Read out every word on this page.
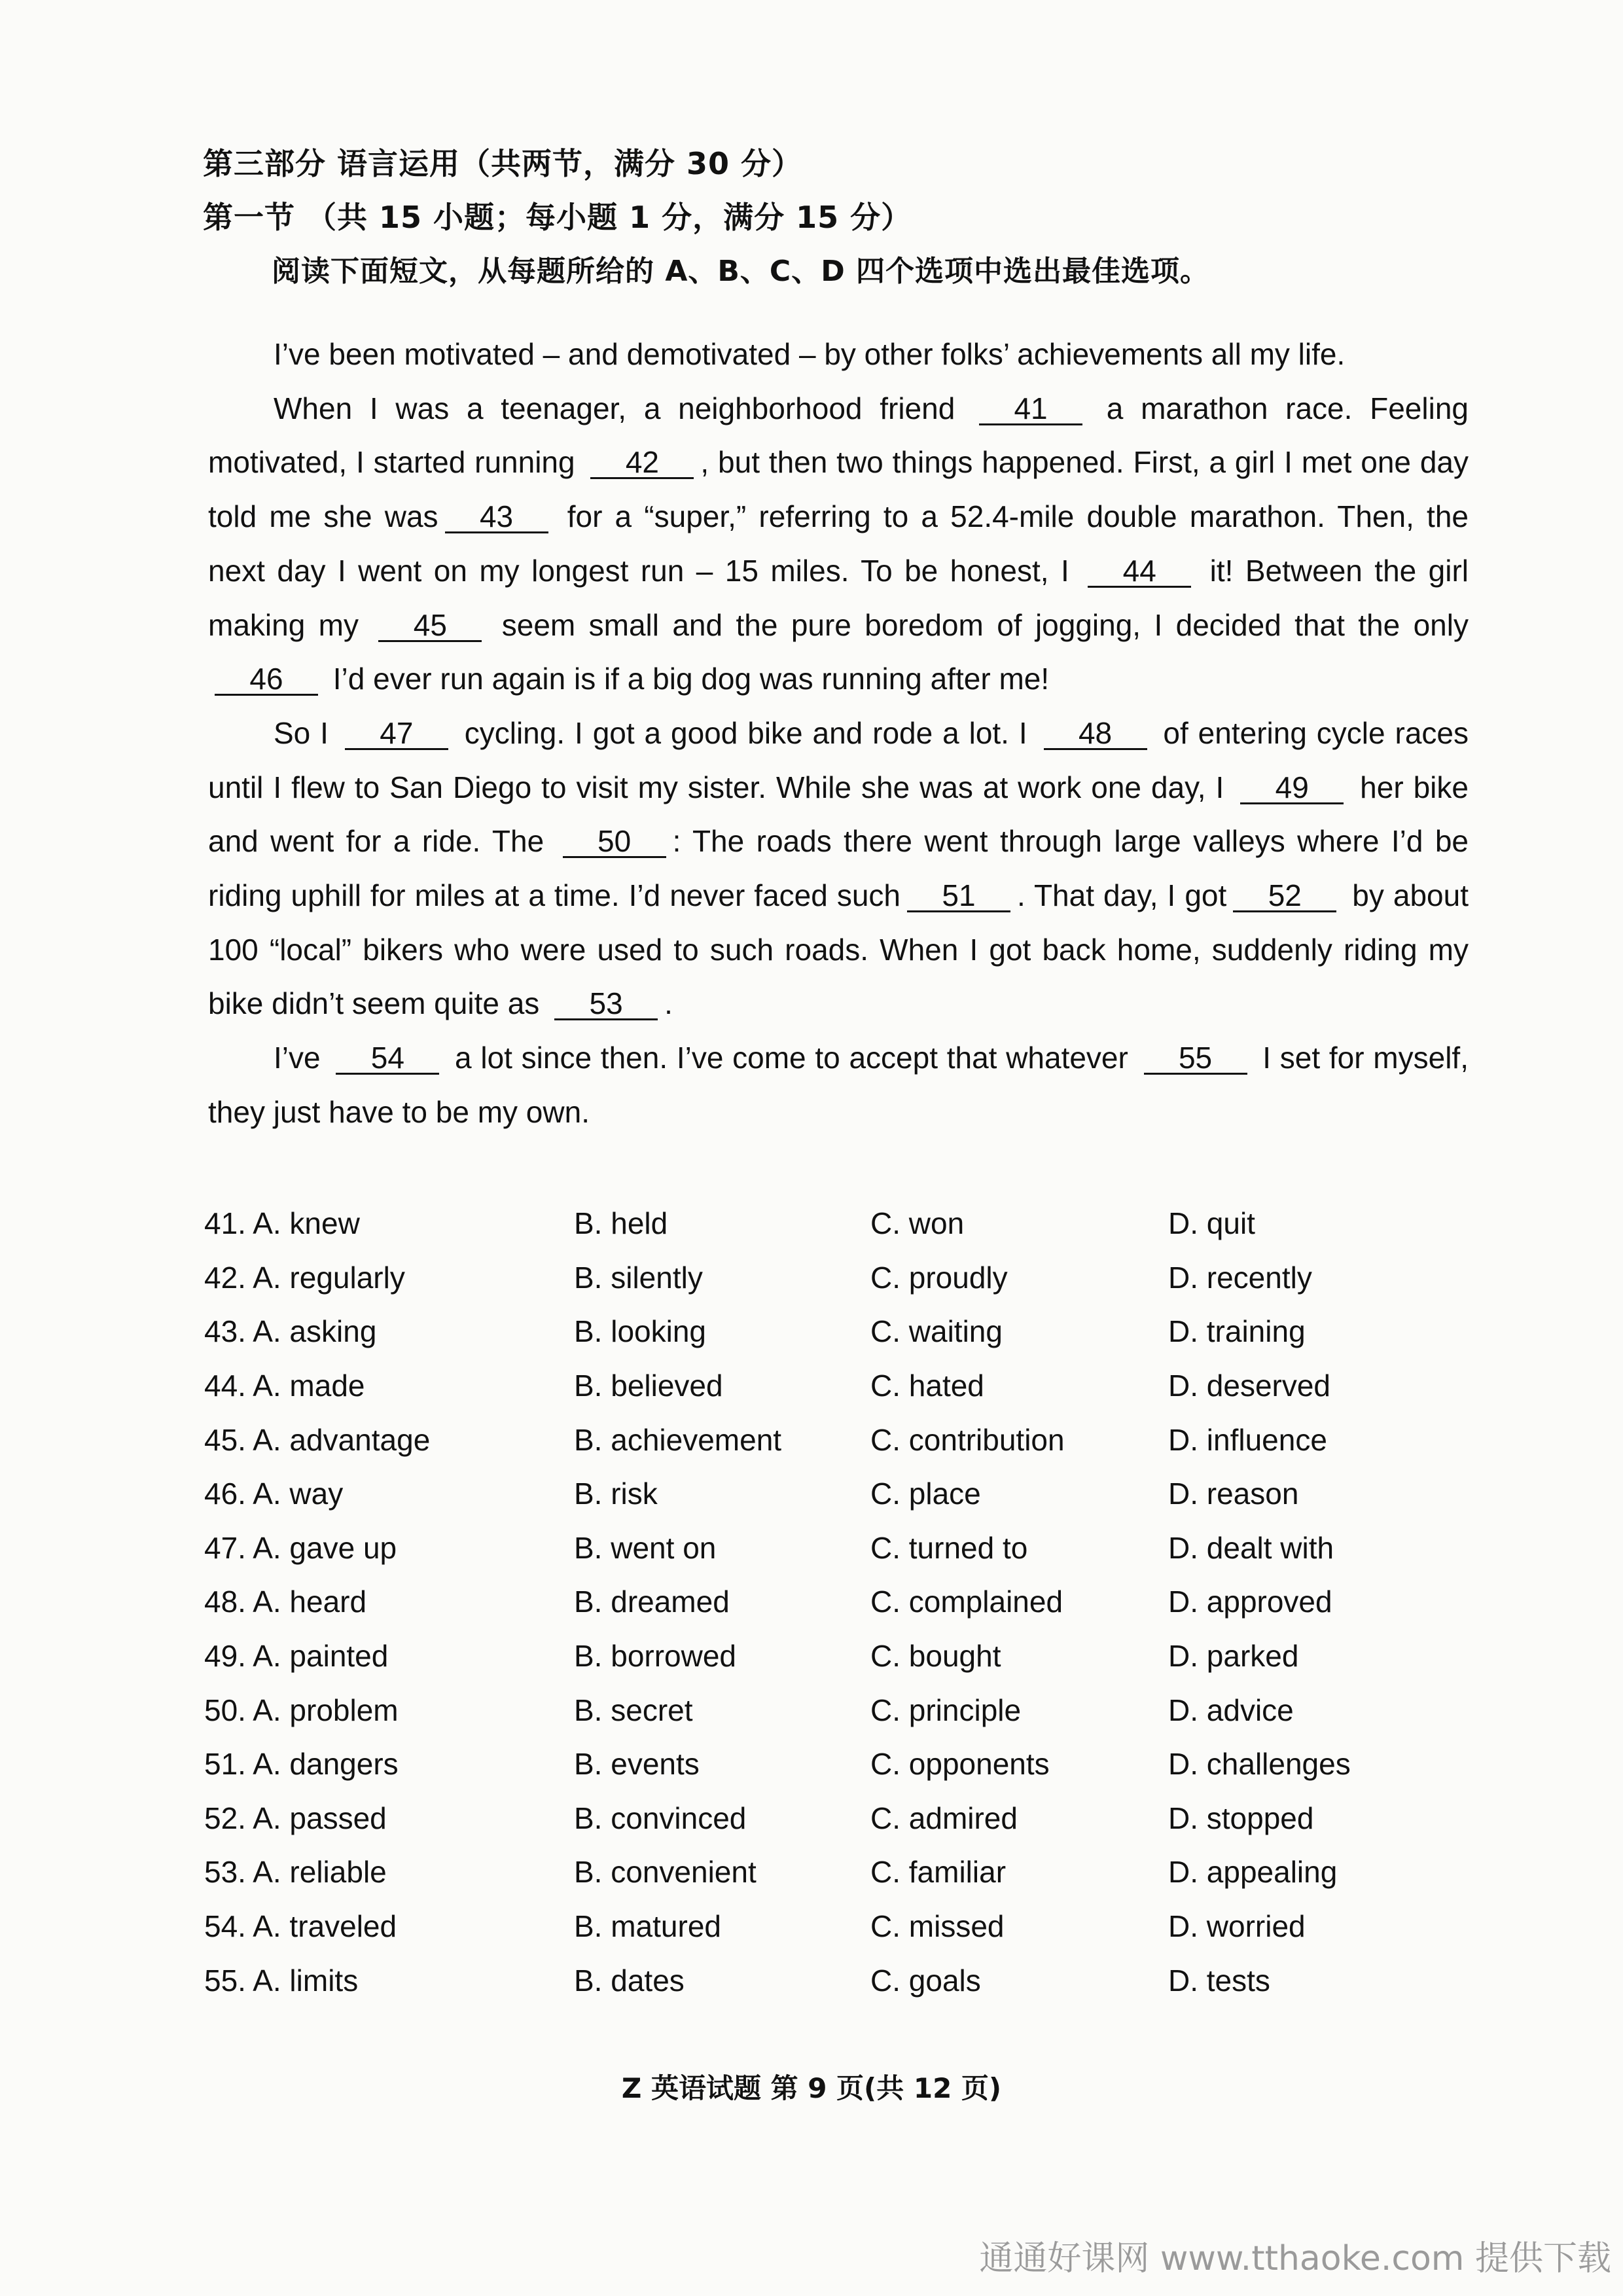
第三部分 语言运用（共两节，满分 30 分）
第一节 （共 15 小题；每小题 1 分，满分 15 分）
阅读下面短文，从每题所给的 A、B、C、D 四个选项中选出最佳选项。

I’ve been motivated – and demotivated – by other folks’ achievements all my life.

When I was a teenager, a neighborhood friend 41 a marathon race. Feeling motivated, I started running 42 , but then two things happened. First, a girl I met one day told me she was 43 for a “super,” referring to a 52.4-mile double marathon. Then, the next day I went on my longest run – 15 miles. To be honest, I 44 it! Between the girl making my 45 seem small and the pure boredom of jogging, I decided that the only 46 I’d ever run again is if a big dog was running after me!

So I 47 cycling. I got a good bike and rode a lot. I 48 of entering cycle races until I flew to San Diego to visit my sister. While she was at work one day, I 49 her bike and went for a ride. The 50 : The roads there went through large valleys where I’d be riding uphill for miles at a time. I’d never faced such 51 . That day, I got 52 by about 100 “local” bikers who were used to such roads. When I got back home, suddenly riding my bike didn’t seem quite as 53 .

I’ve 54 a lot since then. I’ve come to accept that whatever 55 I set for myself, they just have to be my own.

41. A. knew	B. held	C. won	D. quit
42. A. regularly	B. silently	C. proudly	D. recently
43. A. asking	B. looking	C. waiting	D. training
44. A. made	B. believed	C. hated	D. deserved
45. A. advantage	B. achievement	C. contribution	D. influence
46. A. way	B. risk	C. place	D. reason
47. A. gave up	B. went on	C. turned to	D. dealt with
48. A. heard	B. dreamed	C. complained	D. approved
49. A. painted	B. borrowed	C. bought	D. parked
50. A. problem	B. secret	C. principle	D. advice
51. A. dangers	B. events	C. opponents	D. challenges
52. A. passed	B. convinced	C. admired	D. stopped
53. A. reliable	B. convenient	C. familiar	D. appealing
54. A. traveled	B. matured	C. missed	D. worried
55. A. limits	B. dates	C. goals	D. tests
Z 英语试题 第 9 页(共 12 页)
通通好课网 www.tthaoke.com 提供下载
